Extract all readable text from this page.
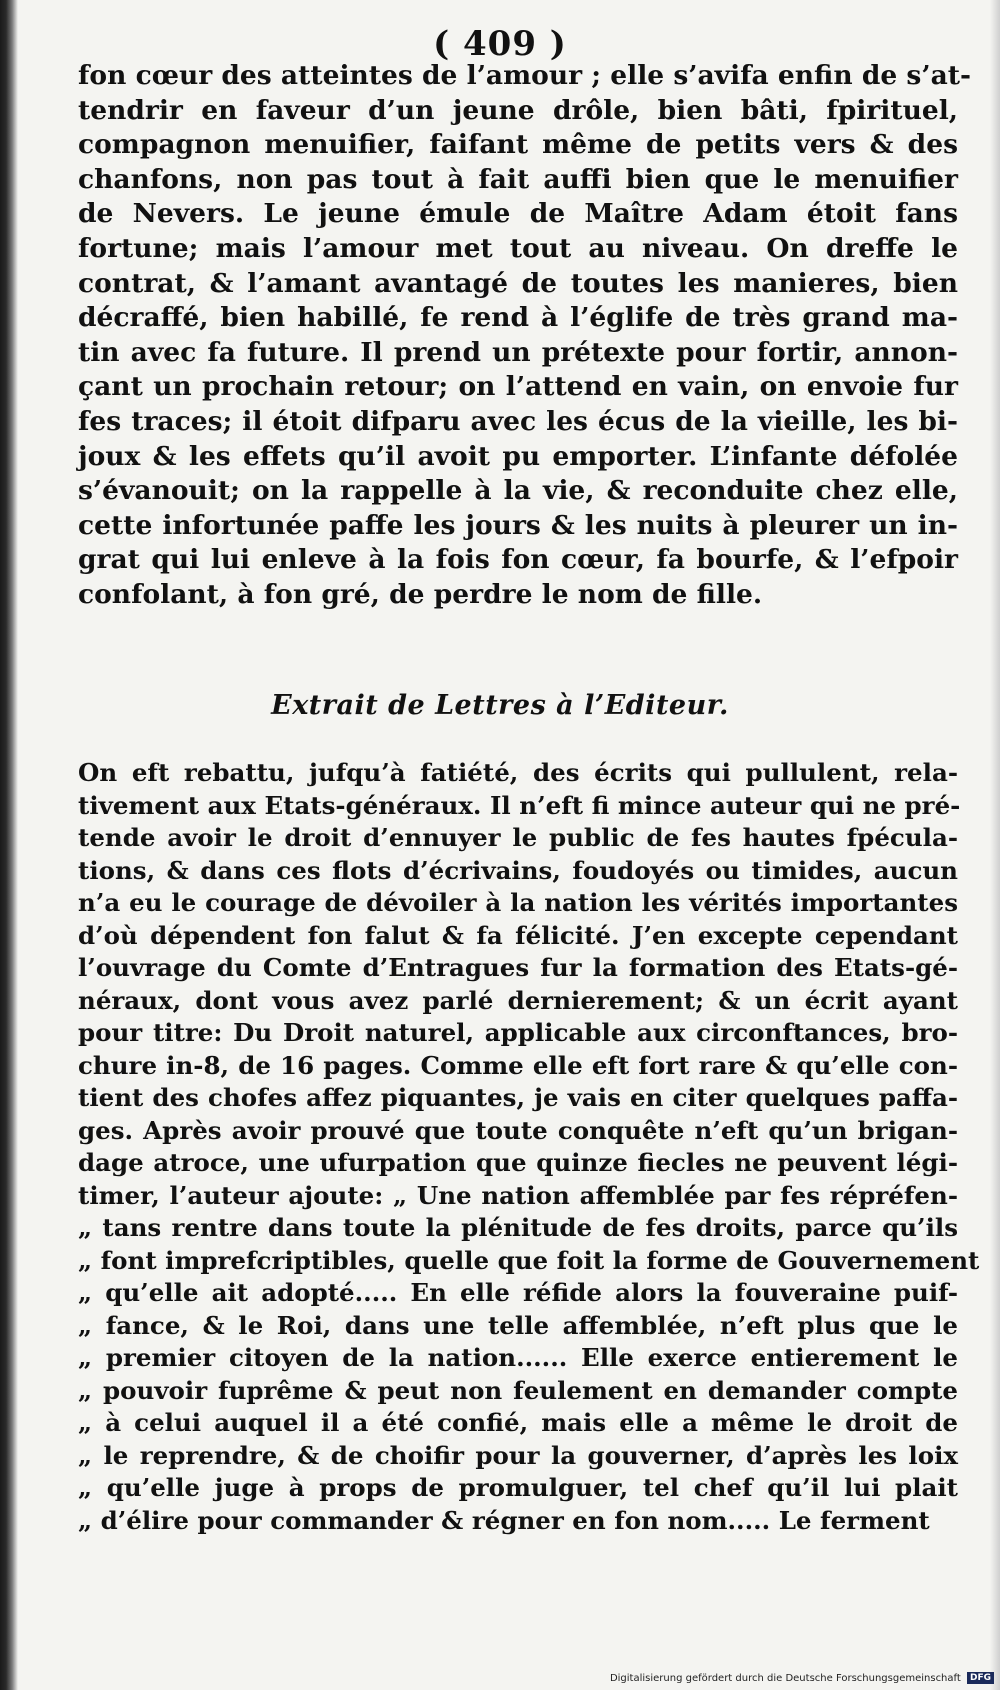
( 409 )
fon cœur des atteintes de l’amour ; elle s’avifa enfin de s’at-
tendrir en faveur d’un jeune drôle, bien bâti, fpirituel,
compagnon menuifier, faifant même de petits vers & des
chanfons, non pas tout à fait auffi bien que le menuifier
de Nevers. Le jeune émule de Maître Adam étoit fans
fortune; mais l’amour met tout au niveau. On dreffe le
contrat, & l’amant avantagé de toutes les manieres, bien
décraffé, bien habillé, fe rend à l’églife de très grand ma-
tin avec fa future. Il prend un prétexte pour fortir, annon-
çant un prochain retour; on l’attend en vain, on envoie fur
fes traces; il étoit difparu avec les écus de la vieille, les bi-
joux & les effets qu’il avoit pu emporter. L’infante défolée
s’évanouit; on la rappelle à la vie, & reconduite chez elle,
cette infortunée paffe les jours & les nuits à pleurer un in-
grat qui lui enleve à la fois fon cœur, fa bourfe, & l’efpoir
confolant, à fon gré, de perdre le nom de fille.
Extrait de Lettres à l’Editeur.
On eft rebattu, jufqu’à fatiété, des écrits qui pullulent, rela-
tivement aux Etats-généraux. Il n’eft fi mince auteur qui ne pré-
tende avoir le droit d’ennuyer le public de fes hautes fpécula-
tions, & dans ces flots d’écrivains, foudoyés ou timides, aucun
n’a eu le courage de dévoiler à la nation les vérités importantes
d’où dépendent fon falut & fa félicité. J’en excepte cependant
l’ouvrage du Comte d’Entragues fur la formation des Etats-gé-
néraux, dont vous avez parlé dernierement; & un écrit ayant
pour titre: Du Droit naturel, applicable aux circonftances, bro-
chure in-8, de 16 pages. Comme elle eft fort rare & qu’elle con-
tient des chofes affez piquantes, je vais en citer quelques paffa-
ges. Après avoir prouvé que toute conquête n’eft qu’un brigan-
dage atroce, une ufurpation que quinze fiecles ne peuvent légi-
timer, l’auteur ajoute: „ Une nation affemblée par fes répréfen-
„ tans rentre dans toute la plénitude de fes droits, parce qu’ils
„ font imprefcriptibles, quelle que foit la forme de Gouvernement
„ qu’elle ait adopté..... En elle réfide alors la fouveraine puif-
„ fance, & le Roi, dans une telle affemblée, n’eft plus que le
„ premier citoyen de la nation...... Elle exerce entierement le
„ pouvoir fuprême & peut non feulement en demander compte
„ à celui auquel il a été confié, mais elle a même le droit de
„ le reprendre, & de choifir pour la gouverner, d’après les loix
„ qu’elle juge à props de promulguer, tel chef qu’il lui plait
„ d’élire pour commander & régner en fon nom..... Le ferment
Digitalisierung gefördert durch die Deutsche Forschungsgemeinschaft DFG
